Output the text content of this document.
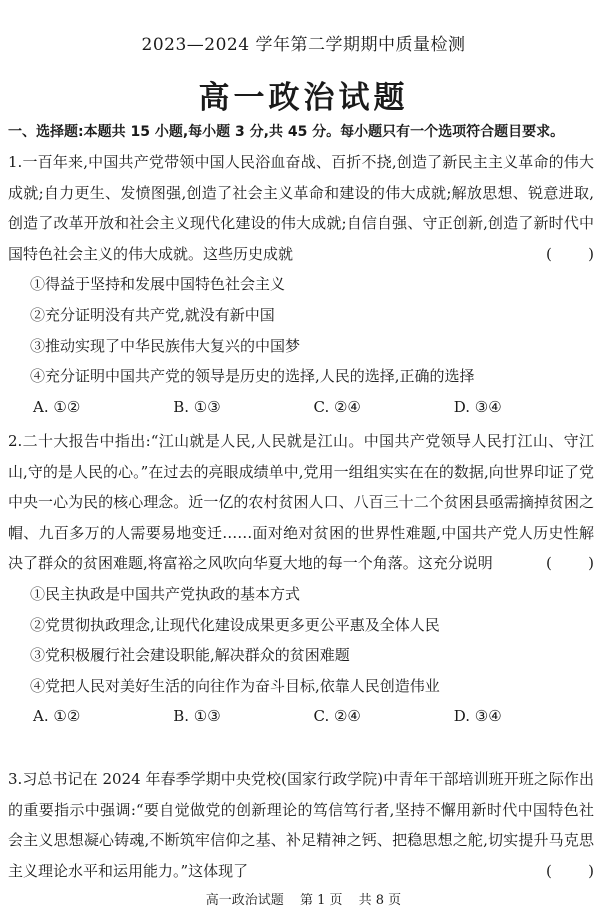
2023—2024 学年第二学期期中质量检测
高一政治试题
一、选择题:本题共 15 小题,每小题 3 分,共 45 分。每小题只有一个选项符合题目要求。
1.一百年来,中国共产党带领中国人民浴血奋战、百折不挠,创造了新民主主义革命的伟大成就;自力更生、发愤图强,创造了社会主义革命和建设的伟大成就;解放思想、锐意进取,创造了改革开放和社会主义现代化建设的伟大成就;自信自强、守正创新,创造了新时代中国特色社会主义的伟大成就。这些历史成就	( )
①得益于坚持和发展中国特色社会主义
②充分证明没有共产党,就没有新中国
③推动实现了中华民族伟大复兴的中国梦
④充分证明中国共产党的领导是历史的选择,人民的选择,正确的选择
A. ①②	B. ①③	C. ②④	D. ③④
2.二十大报告中指出:“江山就是人民,人民就是江山。中国共产党领导人民打江山、守江山,守的是人民的心。”在过去的亮眼成绩单中,党用一组组实实在在的数据,向世界印证了党中央一心为民的核心理念。近一亿的农村贫困人口、八百三十二个贫困县亟需摘掉贫困之帽、九百多万的人需要易地变迁……面对绝对贫困的世界性难题,中国共产党人历史性解决了群众的贫困难题,将富裕之风吹向华夏大地的每一个角落。这充分说明	( )
①民主执政是中国共产党执政的基本方式
②党贯彻执政理念,让现代化建设成果更多更公平惠及全体人民
③党积极履行社会建设职能,解决群众的贫困难题
④党把人民对美好生活的向往作为奋斗目标,依靠人民创造伟业
A. ①②	B. ①③	C. ②④	D. ③④
3.习总书记在 2024 年春季学期中央党校(国家行政学院)中青年干部培训班开班之际作出的重要指示中强调:“要自觉做党的创新理论的笃信笃行者,坚持不懈用新时代中国特色社会主义思想凝心铸魂,不断筑牢信仰之基、补足精神之钙、把稳思想之舵,切实提升马克思主义理论水平和运用能力。”这体现了	( )
高一政治试题 第 1 页 共 8 页
